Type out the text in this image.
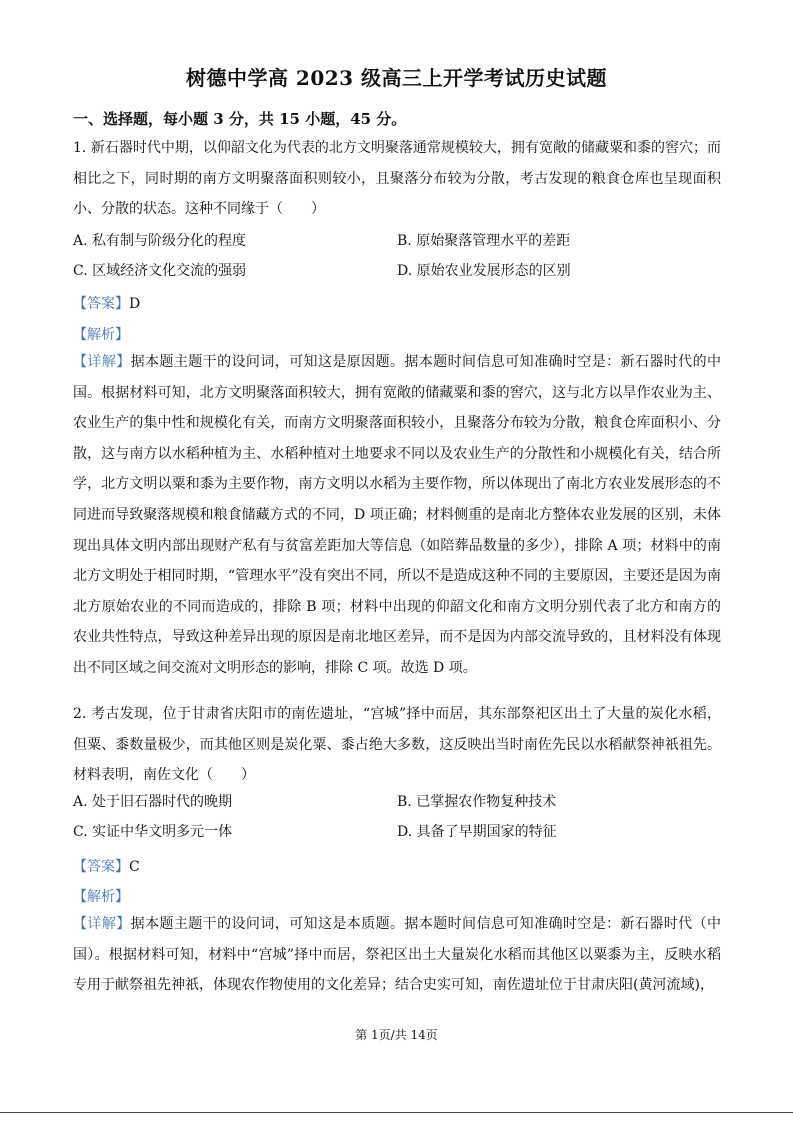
树德中学高 2023 级高三上开学考试历史试题
一、选择题，每小题 3 分，共 15 小题，45 分。

1. 新石器时代中期，以仰韶文化为代表的北方文明聚落通常规模较大，拥有宽敞的储藏粟和黍的窖穴；而相比之下，同时期的南方文明聚落面积则较小，且聚落分布较为分散，考古发现的粮食仓库也呈现面积小、分散的状态。这种不同缘于（　　）

A. 私有制与阶级分化的程度	B. 原始聚落管理水平的差距
C. 区域经济文化交流的强弱	D. 原始农业发展形态的区别
【答案】D
【解析】

【详解】据本题主题干的设问词，可知这是原因题。据本题时间信息可知准确时空是：新石器时代的中国。根据材料可知，北方文明聚落面积较大，拥有宽敞的储藏粟和黍的窖穴，这与北方以旱作农业为主、农业生产的集中性和规模化有关，而南方文明聚落面积较小，且聚落分布较为分散，粮食仓库面积小、分散，这与南方以水稻种植为主、水稻种植对土地要求不同以及农业生产的分散性和小规模化有关，结合所学，北方文明以粟和黍为主要作物，南方文明以水稻为主要作物，所以体现出了南北方农业发展形态的不同进而导致聚落规模和粮食储藏方式的不同，D 项正确；材料侧重的是南北方整体农业发展的区别，未体现出具体文明内部出现财产私有与贫富差距加大等信息（如陪葬品数量的多少），排除 A 项；材料中的南北方文明处于相同时期，“管理水平”没有突出不同，所以不是造成这种不同的主要原因，主要还是因为南北方原始农业的不同而造成的，排除 B 项；材料中出现的仰韶文化和南方文明分别代表了北方和南方的农业共性特点，导致这种差异出现的原因是南北地区差异，而不是因为内部交流导致的，且材料没有体现出不同区域之间交流对文明形态的影响，排除 C 项。故选 D 项。

2. 考古发现，位于甘肃省庆阳市的南佐遗址，“宫城”择中而居，其东部祭祀区出土了大量的炭化水稻，但粟、黍数量极少，而其他区则是炭化粟、黍占绝大多数，这反映出当时南佐先民以水稻献祭神祇祖先。材料表明，南佐文化（　　）

A. 处于旧石器时代的晚期	B. 已掌握农作物复种技术
C. 实证中华文明多元一体	D. 具备了早期国家的特征
【答案】C
【解析】

【详解】据本题主题干的设问词，可知这是本质题。据本题时间信息可知准确时空是：新石器时代（中国）。根据材料可知，材料中“宫城”择中而居，祭祀区出土大量炭化水稻而其他区以粟黍为主，反映水稻专用于献祭祖先神祇，体现农作物使用的文化差异；结合史实可知，南佐遗址位于甘肃庆阳(黄河流域)，

第 1页/共 14页
